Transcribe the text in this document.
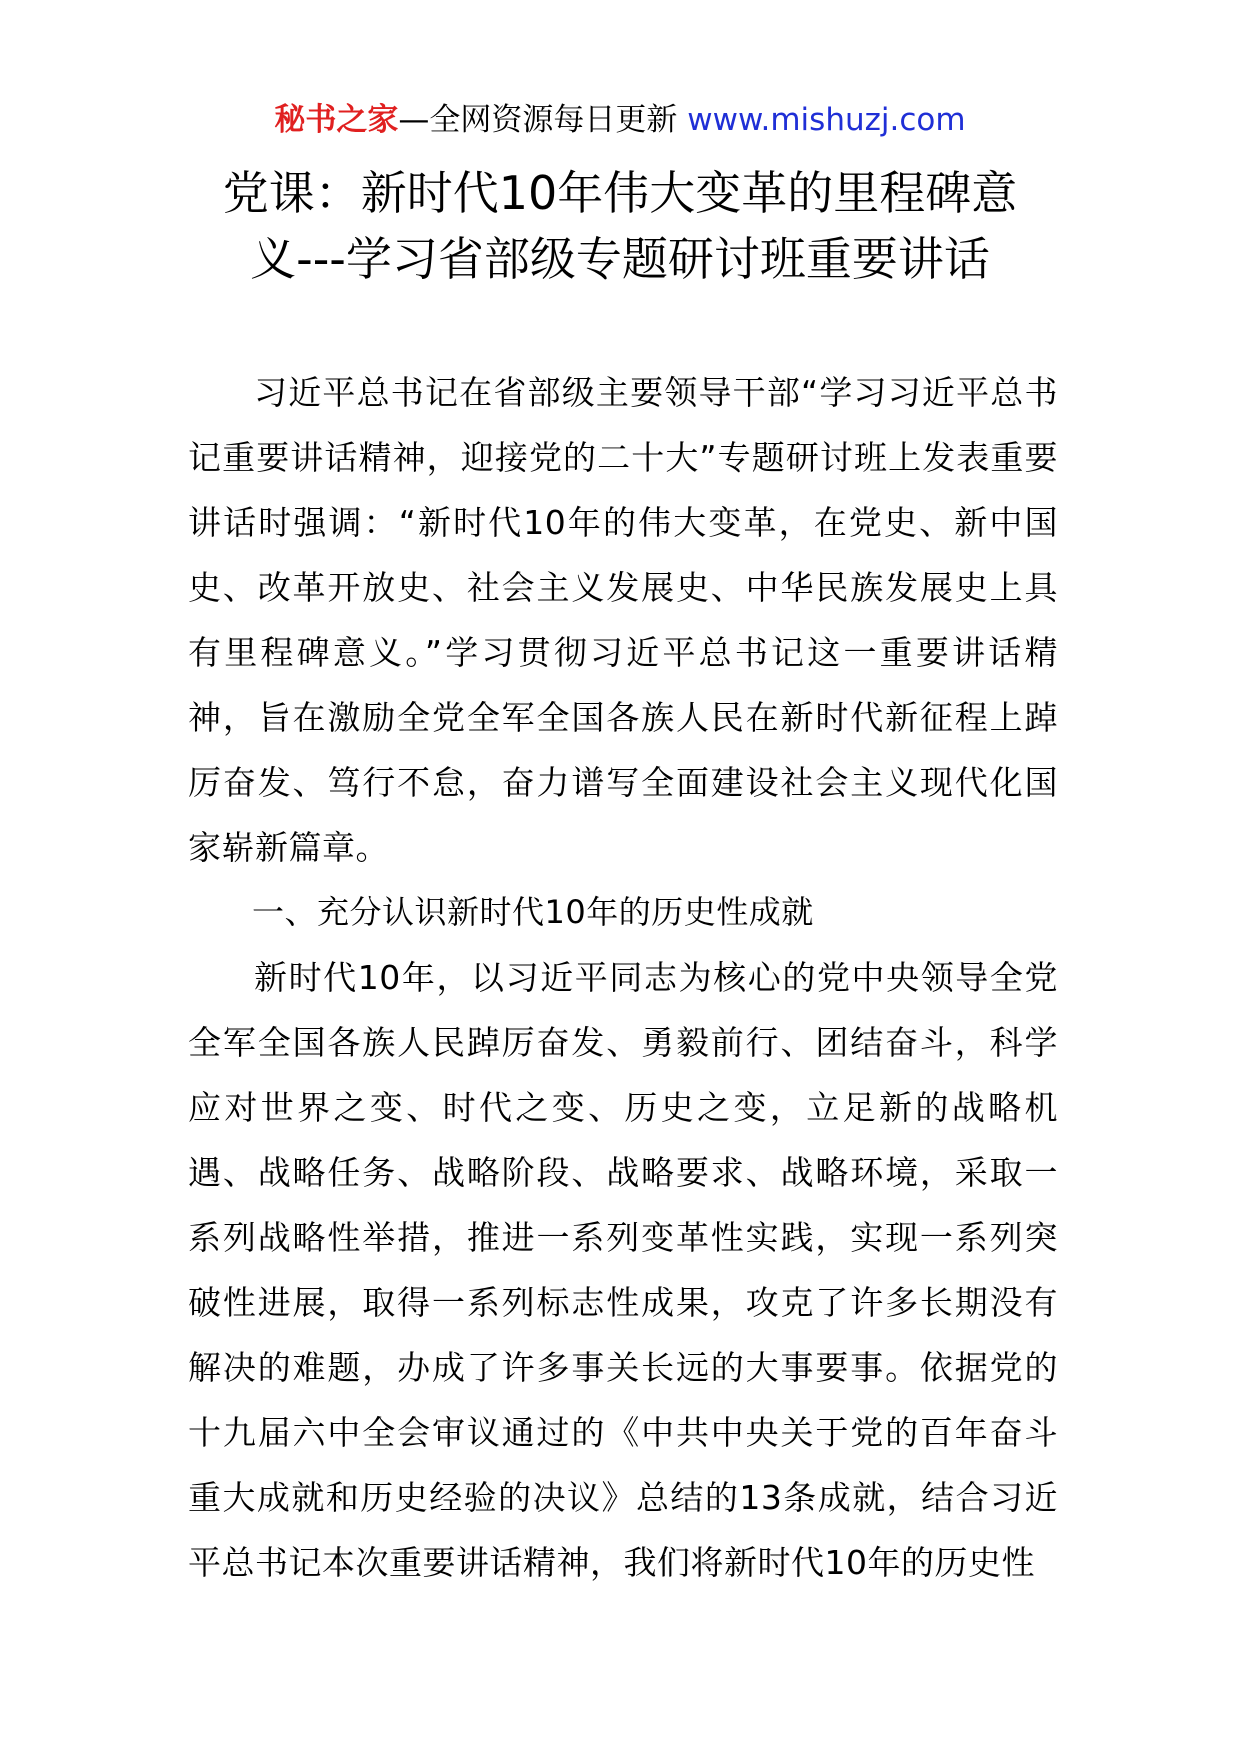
秘书之家—全网资源每日更新 www.mishuzj.com
党课：新时代10年伟大变革的里程碑意
义---学习省部级专题研讨班重要讲话

习近平总书记在省部级主要领导干部“学习习近平总书记重要讲话精神，迎接党的二十大”专题研讨班上发表重要讲话时强调：“新时代10年的伟大变革，在党史、新中国史、改革开放史、社会主义发展史、中华民族发展史上具有里程碑意义。”学习贯彻习近平总书记这一重要讲话精神，旨在激励全党全军全国各族人民在新时代新征程上踔厉奋发、笃行不怠，奋力谱写全面建设社会主义现代化国家崭新篇章。

一、充分认识新时代10年的历史性成就

新时代10年，以习近平同志为核心的党中央领导全党全军全国各族人民踔厉奋发、勇毅前行、团结奋斗，科学应对世界之变、时代之变、历史之变，立足新的战略机遇、战略任务、战略阶段、战略要求、战略环境，采取一系列战略性举措，推进一系列变革性实践，实现一系列突破性进展，取得一系列标志性成果，攻克了许多长期没有解决的难题，办成了许多事关长远的大事要事。依据党的十九届六中全会审议通过的《中共中央关于党的百年奋斗重大成就和历史经验的决议》总结的13条成就，结合习近平总书记本次重要讲话精神，我们将新时代10年的历史性
